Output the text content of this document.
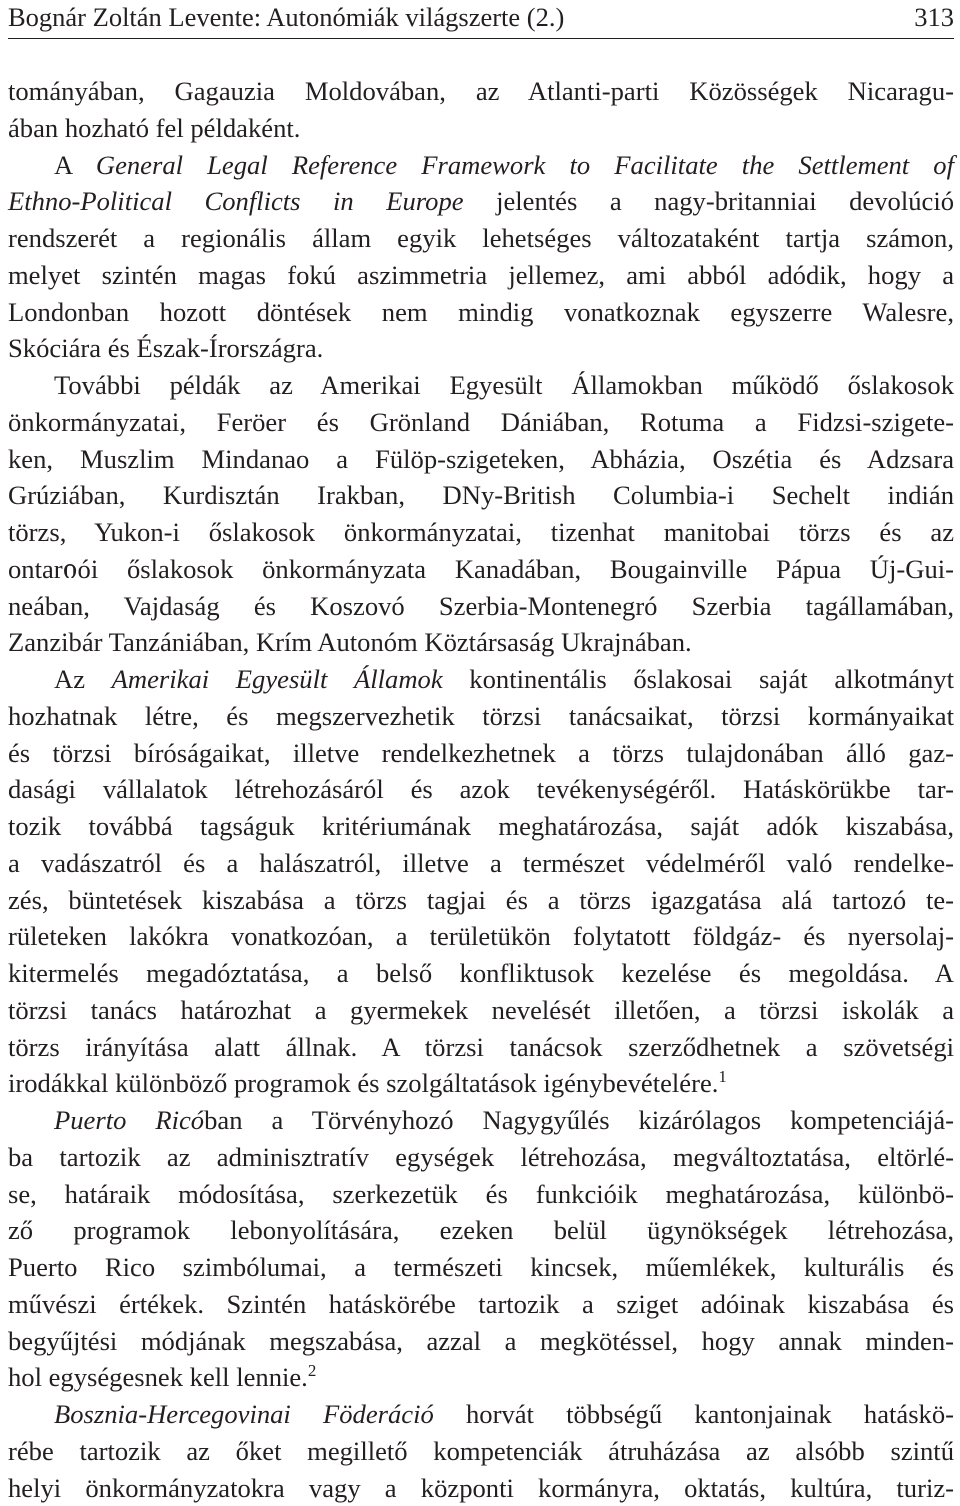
Bognár Zoltán Levente: Autonómiák világszerte (2.)	313
tományában, Gagauzia Moldovában, az Atlanti-parti Közösségek Nicaragu-
ában hozható fel példaként.
A General Legal Reference Framework to Facilitate the Settlement of
Ethno-Political Conflicts in Europe jelentés a nagy-britanniai devolúció
rendszerét a regionális állam egyik lehetséges változataként tartja számon,
melyet szintén magas fokú aszimmetria jellemez, ami abból adódik, hogy a
Londonban hozott döntések nem mindig vonatkoznak egyszerre Walesre,
Skóciára és Észak-Írországra.
További példák az Amerikai Egyesült Államokban működő őslakosok
önkormányzatai, Feröer és Grönland Dániában, Rotuma a Fidzsi-szigete-
ken, Muszlim Mindanao a Fülöp-szigeteken, Abházia, Oszétia és Adzsara
Grúziában, Kurdisztán Irakban, DNy-British Columbia-i Sechelt indián
törzs, Yukon-i őslakosok önkormányzatai, tizenhat manitobai törzs és az
ontarიói őslakosok önkormányzata Kanadában, Bougainville Pápua Új-Gui-
neában, Vajdaság és Koszovó Szerbia-Montenegró Szerbia tagállamában,
Zanzibár Tanzániában, Krím Autonóm Köztársaság Ukrajnában.
Az Amerikai Egyesült Államok kontinentális őslakosai saját alkotmányt
hozhatnak létre, és megszervezhetik törzsi tanácsaikat, törzsi kormányaikat
és törzsi bíróságaikat, illetve rendelkezhetnek a törzs tulajdonában álló gaz-
dasági vállalatok létrehozásáról és azok tevékenységéről. Hatáskörükbe tar-
tozik továbbá tagságuk kritériumának meghatározása, saját adók kiszabása,
a vadászatról és a halászatról, illetve a természet védelméről való rendelke-
zés, büntetések kiszabása a törzs tagjai és a törzs igazgatása alá tartozó te-
rületeken lakókra vonatkozóan, a területükön folytatott földgáz- és nyersolaj-
kitermelés megadóztatása, a belső konfliktusok kezelése és megoldása. A
törzsi tanács határozhat a gyermekek nevelését illetően, a törzsi iskolák a
törzs irányítása alatt állnak. A törzsi tanácsok szerződhetnek a szövetségi
irodákkal különböző programok és szolgáltatások igénybevételére.$^1$
Puerto Ricóban a Törvényhozó Nagygyűlés kizárólagos kompetenciájá-
ba tartozik az adminisztratív egységek létrehozása, megváltoztatása, eltörlé-
se, határaik módosítása, szerkezetük és funkcióik meghatározása, különbö-
ző programok lebonyolítására, ezeken belül ügynökségek létrehozása,
Puerto Rico szimbólumai, a természeti kincsek, műemlékek, kulturális és
művészi értékek. Szintén hatáskörébe tartozik a sziget adóinak kiszabása és
begyűjtési módjának megszabása, azzal a megkötéssel, hogy annak minden-
hol egységesnek kell lennie.$^2$
Bosznia-Hercegovinai Föderáció horvát többségű kantonjainak hatáskö-
rébe tartozik az őket megillető kompetenciák átruházása az alsóbb szintű
helyi önkormányzatokra vagy a központi kormányra, oktatás, kultúra, turiz-
